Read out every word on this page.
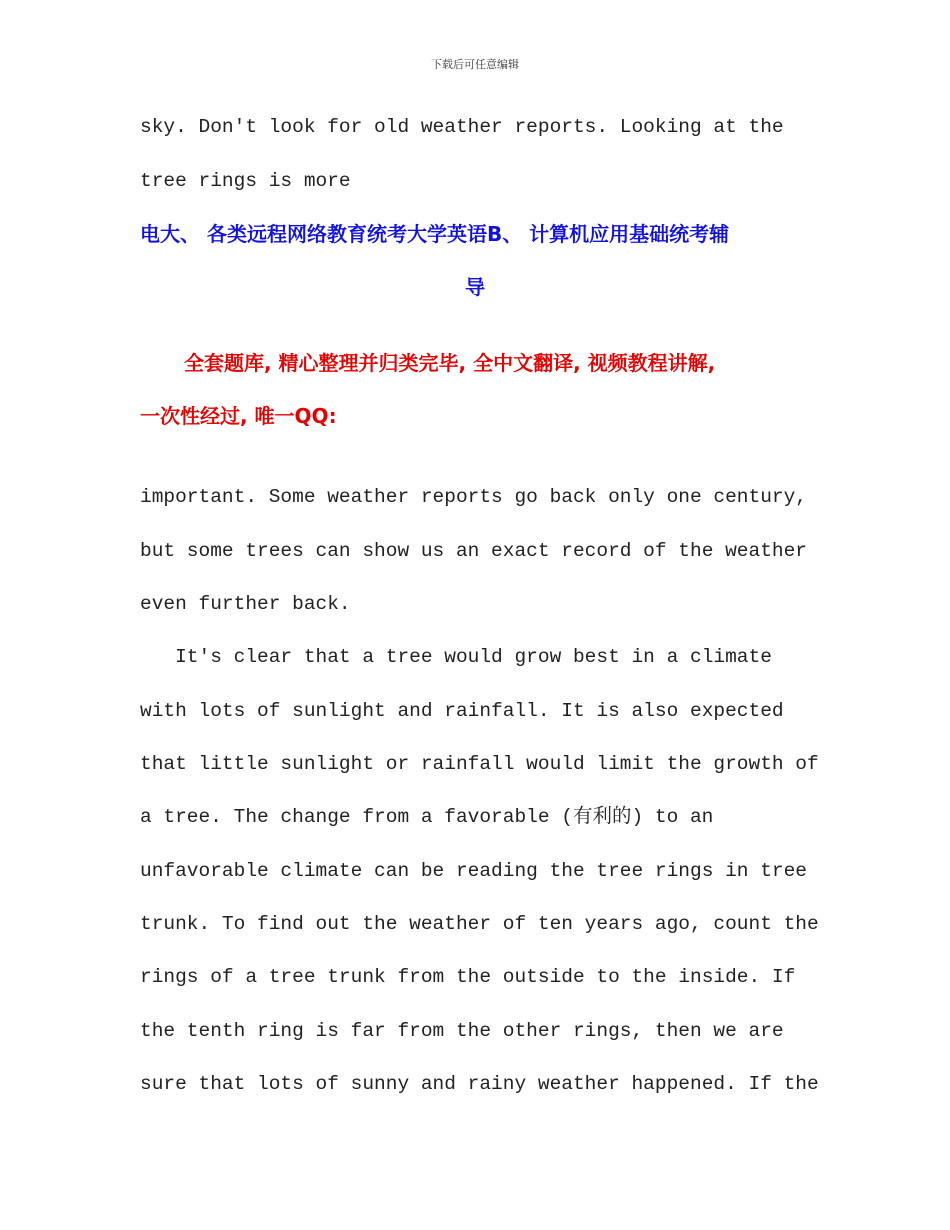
下载后可任意编辑
sky. Don't look for old weather reports. Looking at the
tree rings is more
电大、 各类远程网络教育统考大学英语B、 计算机应用基础统考辅
导
全套题库, 精心整理并归类完毕, 全中文翻译, 视频教程讲解,
一次性经过, 唯一QQ:
important. Some weather reports go back only one century,
but some trees can show us an exact record of the weather
even further back.
It's clear that a tree would grow best in a climate
with lots of sunlight and rainfall. It is also expected
that little sunlight or rainfall would limit the growth of
a tree. The change from a favorable (有利的) to an
unfavorable climate can be reading the tree rings in tree
trunk. To find out the weather of ten years ago, count the
rings of a tree trunk from the outside to the inside. If
the tenth ring is far from the other rings, then we are
sure that lots of sunny and rainy weather happened. If the
